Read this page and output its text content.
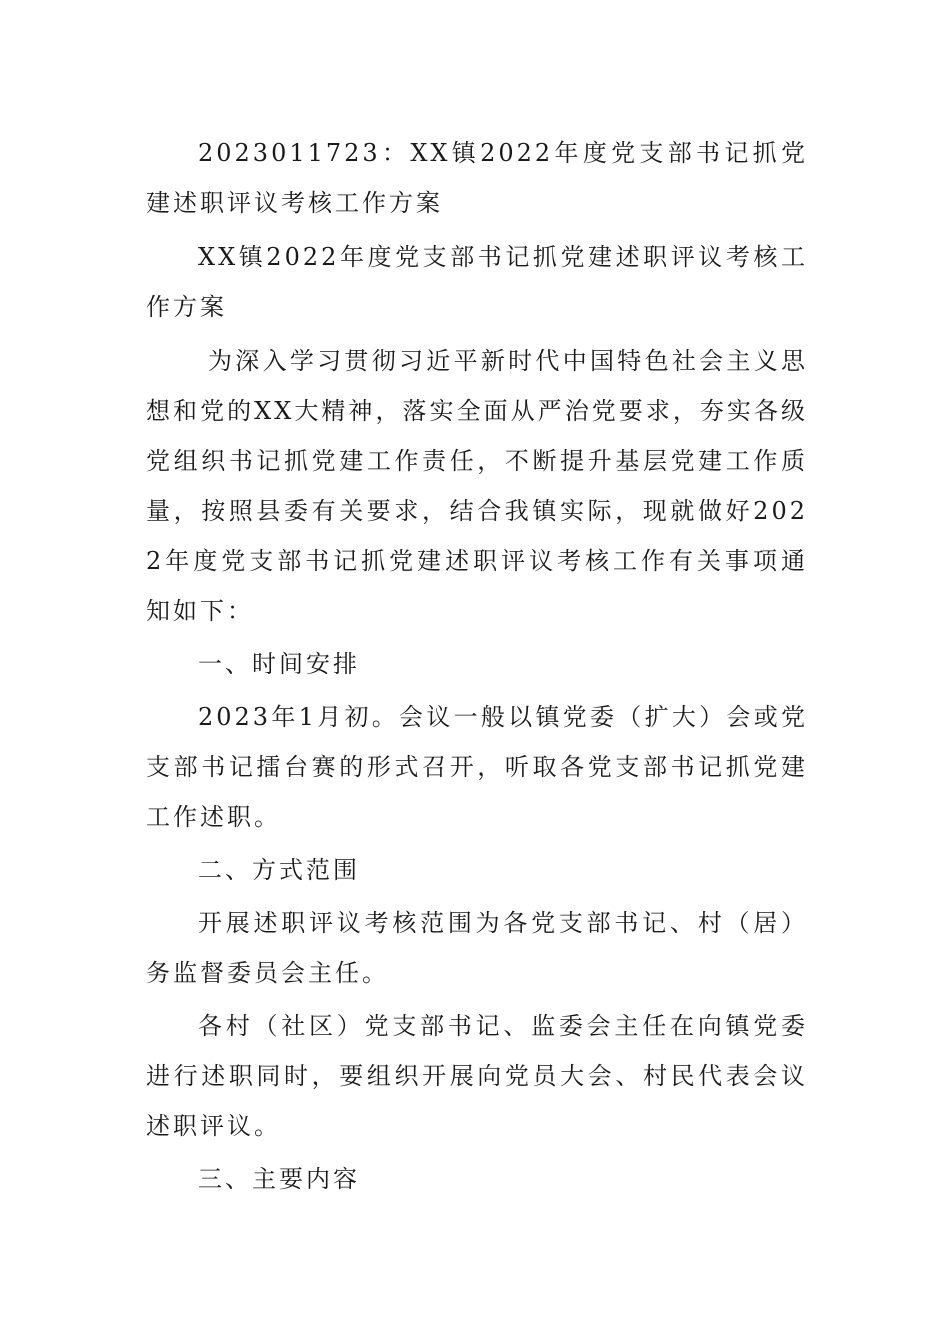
2023011723：XX镇2022年度党支部书记抓党建述职评议考核工作方案

XX镇2022年度党支部书记抓党建述职评议考核工作方案

为深入学习贯彻习近平新时代中国特色社会主义思想和党的XX大精神，落实全面从严治党要求，夯实各级党组织书记抓党建工作责任，不断提升基层党建工作质量，按照县委有关要求，结合我镇实际，现就做好2022年度党支部书记抓党建述职评议考核工作有关事项通知如下：

一、时间安排

2023年1月初。会议一般以镇党委（扩大）会或党支部书记擂台赛的形式召开，听取各党支部书记抓党建工作述职。

二、方式范围

开展述职评议考核范围为各党支部书记、村（居）务监督委员会主任。

各村（社区）党支部书记、监委会主任在向镇党委进行述职同时，要组织开展向党员大会、村民代表会议述职评议。

三、主要内容
